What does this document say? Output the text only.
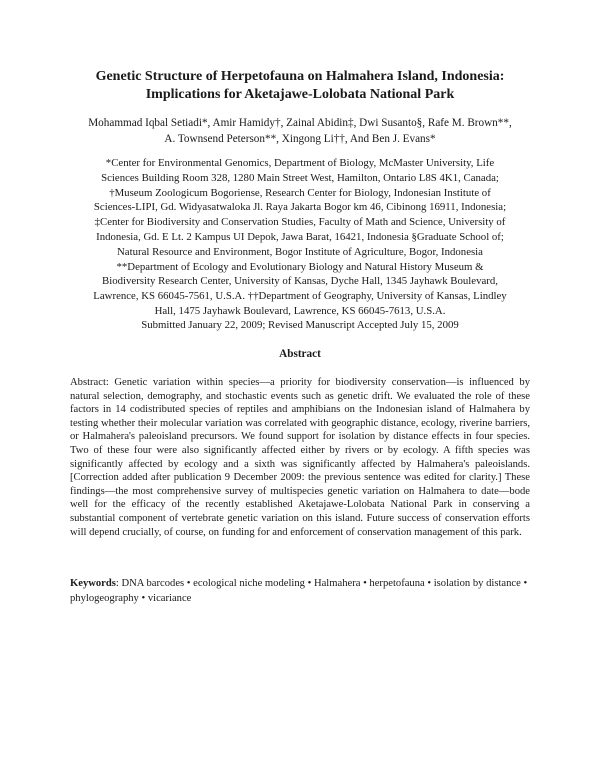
Genetic Structure of Herpetofauna on Halmahera Island, Indonesia:
Implications for Aketajawe-Lolobata National Park
Mohammad Iqbal Setiadi*, Amir Hamidy†, Zainal Abidin‡, Dwi Susanto§, Rafe M. Brown**,
A. Townsend Peterson**, Xingong Li††, And Ben J. Evans*
*Center for Environmental Genomics, Department of Biology, McMaster University, Life
Sciences Building Room 328, 1280 Main Street West, Hamilton, Ontario L8S 4K1, Canada;
†Museum Zoologicum Bogoriense, Research Center for Biology, Indonesian Institute of
Sciences-LIPI, Gd. Widyasatwaloka Jl. Raya Jakarta Bogor km 46, Cibinong 16911, Indonesia;
‡Center for Biodiversity and Conservation Studies, Faculty of Math and Science, University of
Indonesia, Gd. E Lt. 2 Kampus UI Depok, Jawa Barat, 16421, Indonesia §Graduate School of;
Natural Resource and Environment, Bogor Institute of Agriculture, Bogor, Indonesia
**Department of Ecology and Evolutionary Biology and Natural History Museum &
Biodiversity Research Center, University of Kansas, Dyche Hall, 1345 Jayhawk Boulevard,
Lawrence, KS 66045-7561, U.S.A. ††Department of Geography, University of Kansas, Lindley
Hall, 1475 Jayhawk Boulevard, Lawrence, KS 66045-7613, U.S.A.
Submitted January 22, 2009; Revised Manuscript Accepted July 15, 2009
Abstract
Abstract: Genetic variation within species—a priority for biodiversity conservation—is influenced by natural selection, demography, and stochastic events such as genetic drift. We evaluated the role of these factors in 14 codistributed species of reptiles and amphibians on the Indonesian island of Halmahera by testing whether their molecular variation was correlated with geographic distance, ecology, riverine barriers, or Halmahera's paleoisland precursors. We found support for isolation by distance effects in four species. Two of these four were also significantly affected either by rivers or by ecology. A fifth species was significantly affected by ecology and a sixth was significantly affected by Halmahera's paleoislands. [Correction added after publication 9 December 2009: the previous sentence was edited for clarity.] These findings—the most comprehensive survey of multispecies genetic variation on Halmahera to date—bode well for the efficacy of the recently established Aketajawe-Lolobata National Park in conserving a substantial component of vertebrate genetic variation on this island. Future success of conservation efforts will depend crucially, of course, on funding for and enforcement of conservation management of this park.
Keywords: DNA barcodes • ecological niche modeling • Halmahera • herpetofauna • isolation by distance • phylogeography • vicariance
